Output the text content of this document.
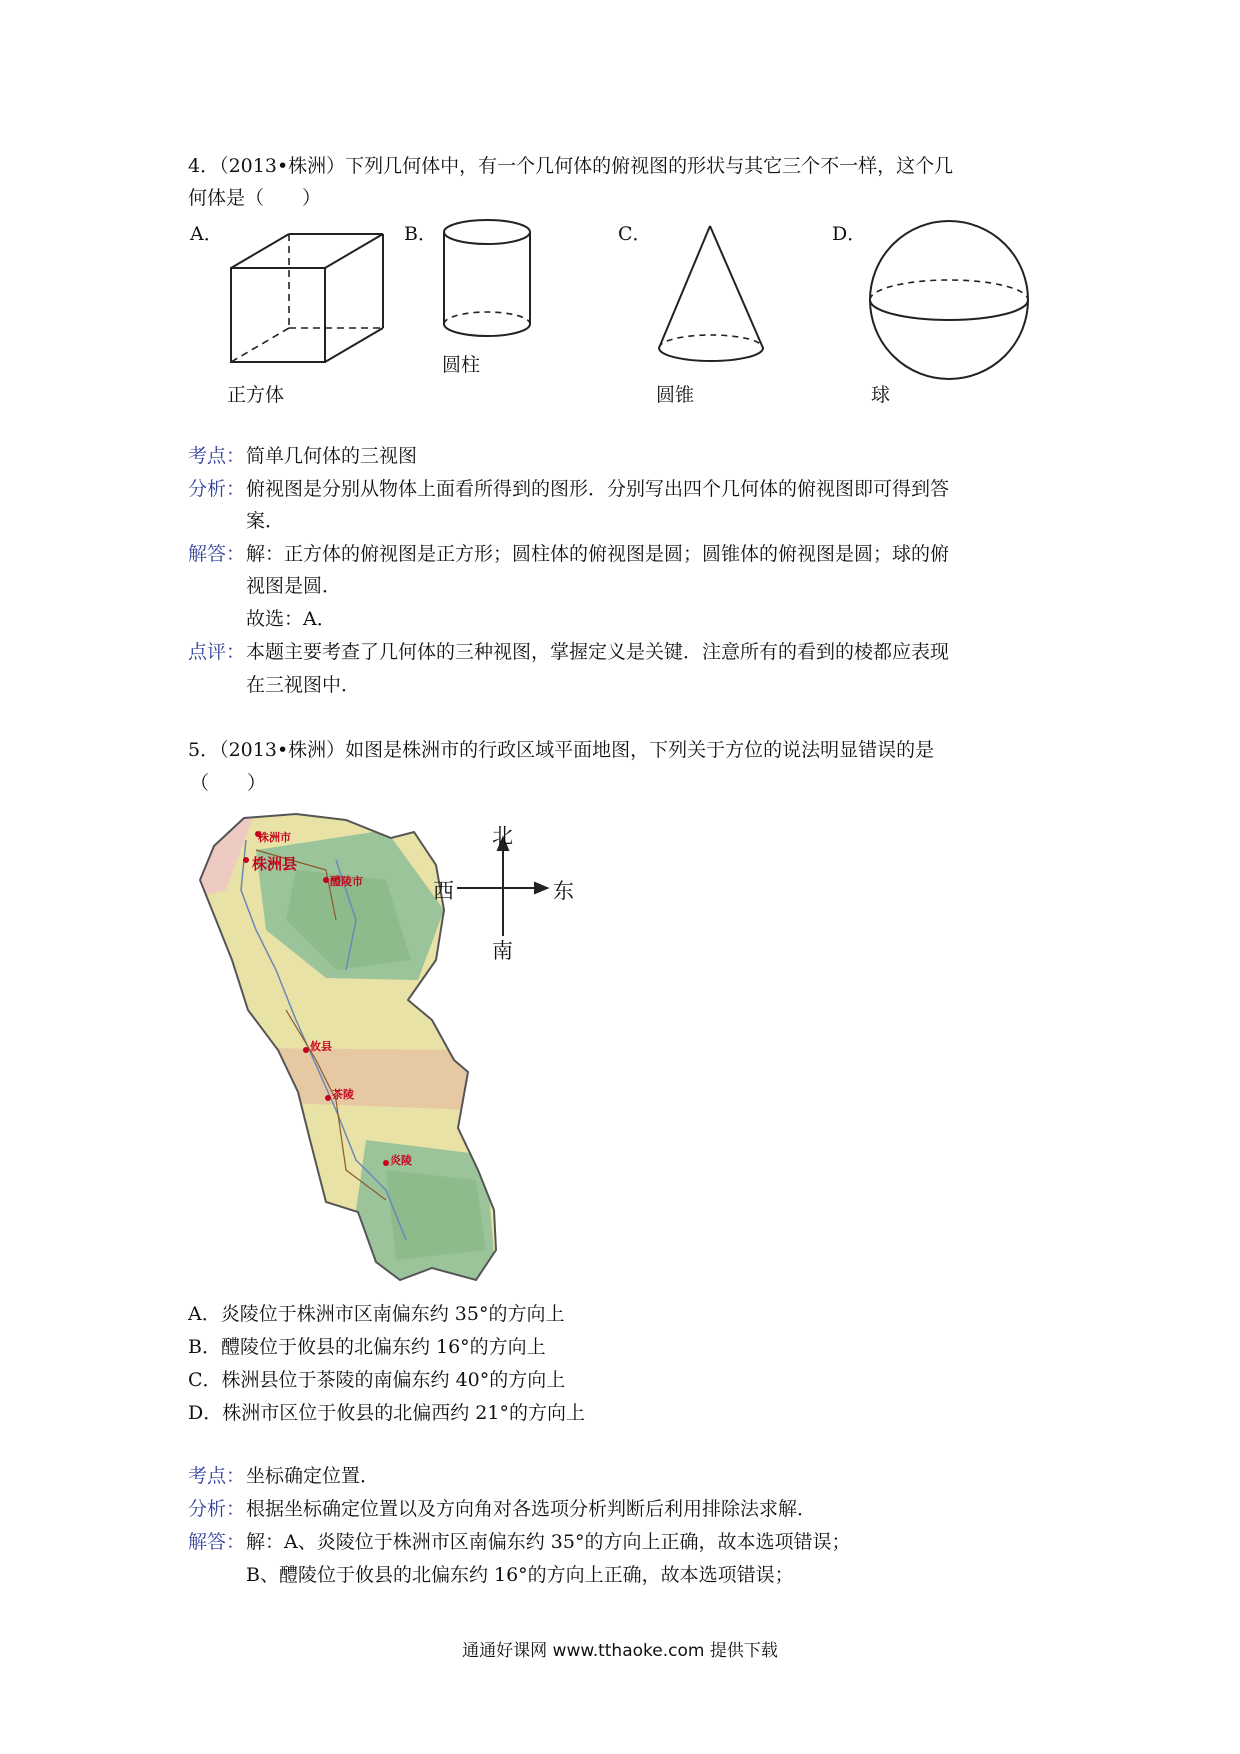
4．（2013•株洲）下列几何体中，有一个几何体的俯视图的形状与其它三个不一样，这个几
何体是（　　）
A．	B．	C．	D．
正方体
圆柱
圆锥	球
考点： 简单几何体的三视图
分析： 俯视图是分别从物体上面看所得到的图形．分别写出四个几何体的俯视图即可得到答
案．
解答： 解：正方体的俯视图是正方形；圆柱体的俯视图是圆；圆锥体的俯视图是圆；球的俯
视图是圆．
故选：A．
点评： 本题主要考查了几何体的三种视图，掌握定义是关键．注意所有的看到的棱都应表现
在三视图中．
5．（2013•株洲）如图是株洲市的行政区域平面地图，下列关于方位的说法明显错误的是
（　　）
株洲市
株洲县
醴陵市
攸县
茶陵
炎陵
北
西	东
南
A．炎陵位于株洲市区南偏东约 35°的方向上
B．醴陵位于攸县的北偏东约 16°的方向上
C．株洲县位于茶陵的南偏东约 40°的方向上
D．株洲市区位于攸县的北偏西约 21°的方向上
考点： 坐标确定位置．
分析： 根据坐标确定位置以及方向角对各选项分析判断后利用排除法求解．
解答： 解：A、炎陵位于株洲市区南偏东约 35°的方向上正确，故本选项错误；
B、醴陵位于攸县的北偏东约 16°的方向上正确，故本选项错误；
通通好课网 www.tthaoke.com 提供下载
